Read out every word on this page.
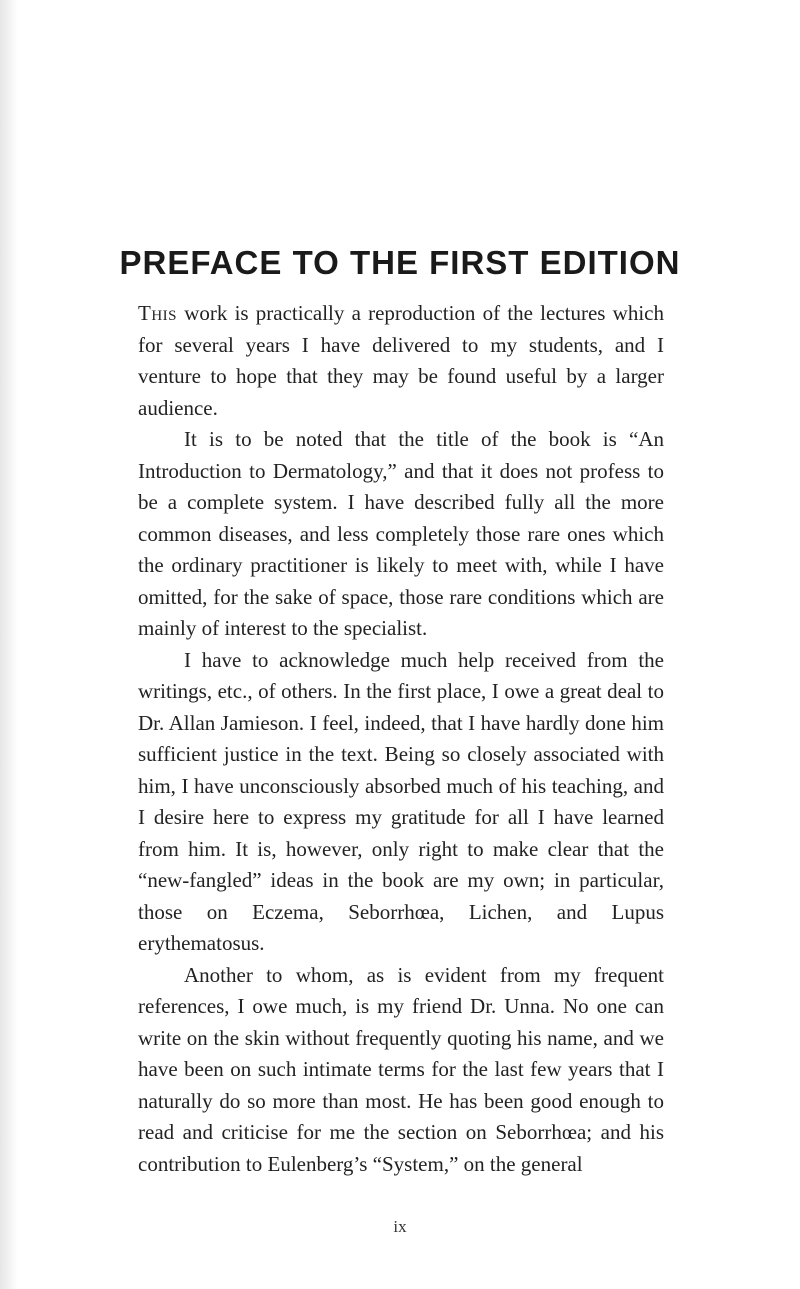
PREFACE TO THE FIRST EDITION

This work is practically a reproduction of the lectures which for several years I have delivered to my students, and I venture to hope that they may be found useful by a larger audience.

It is to be noted that the title of the book is “An Introduction to Dermatology,” and that it does not profess to be a complete system. I have described fully all the more common diseases, and less completely those rare ones which the ordinary practitioner is likely to meet with, while I have omitted, for the sake of space, those rare conditions which are mainly of interest to the specialist.

I have to acknowledge much help received from the writings, etc., of others. In the first place, I owe a great deal to Dr. Allan Jamieson. I feel, indeed, that I have hardly done him sufficient justice in the text. Being so closely associated with him, I have unconsciously absorbed much of his teaching, and I desire here to express my gratitude for all I have learned from him. It is, however, only right to make clear that the “new-fangled” ideas in the book are my own; in particular, those on Eczema, Seborrhœa, Lichen, and Lupus erythematosus.

Another to whom, as is evident from my frequent references, I owe much, is my friend Dr. Unna. No one can write on the skin without frequently quoting his name, and we have been on such intimate terms for the last few years that I naturally do so more than most. He has been good enough to read and criticise for me the section on Seborrhœa; and his contribution to Eulenberg’s “System,” on the general

ix
